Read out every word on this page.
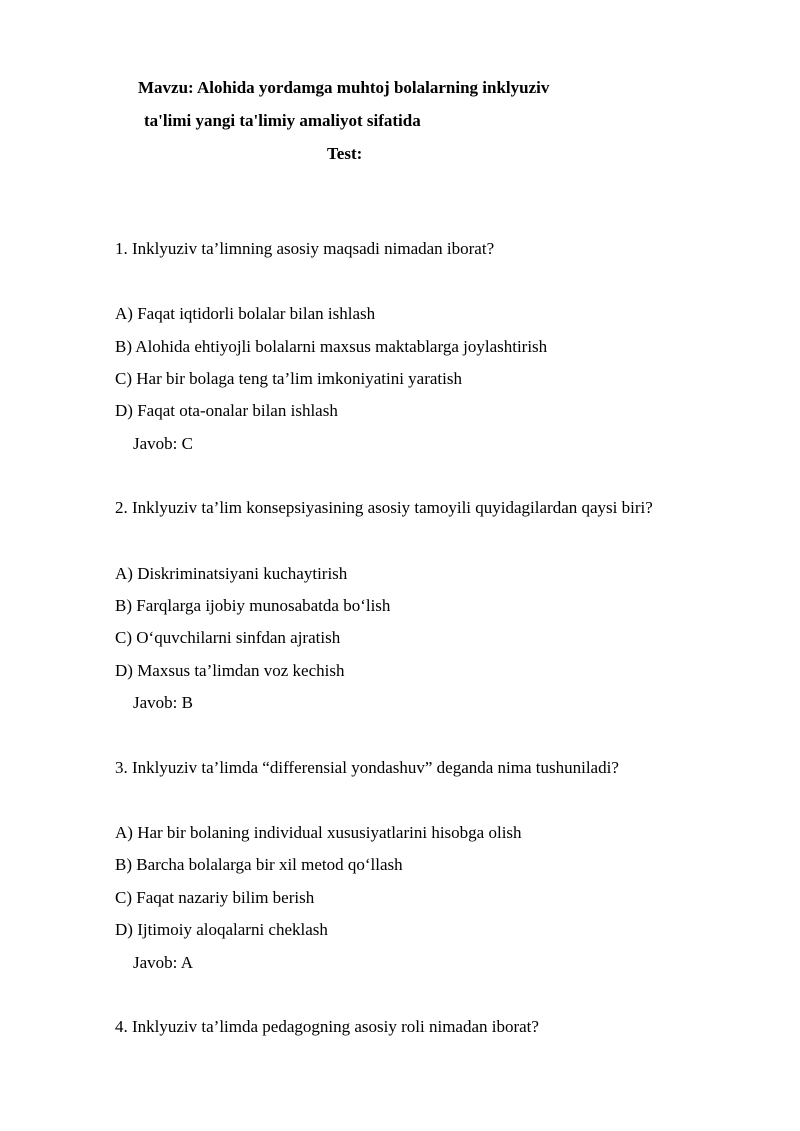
Mavzu: Alohida yordamga muhtoj bolalarning inklyuziv
ta'limi yangi ta'limiy amaliyot sifatida
Test:
1. Inklyuziv ta’limning asosiy maqsadi nimadan iborat?
A) Faqat iqtidorli bolalar bilan ishlash
B) Alohida ehtiyojli bolalarni maxsus maktablarga joylashtirish
C) Har bir bolaga teng ta’lim imkoniyatini yaratish
D) Faqat ota-onalar bilan ishlash
Javob: C
2. Inklyuziv ta’lim konsepsiyasining asosiy tamoyili quyidagilardan qaysi biri?
A) Diskriminatsiyani kuchaytirish
B) Farqlarga ijobiy munosabatda bo‘lish
C) O‘quvchilarni sinfdan ajratish
D) Maxsus ta’limdan voz kechish
Javob: B
3. Inklyuziv ta’limda “differensial yondashuv” deganda nima tushuniladi?
A) Har bir bolaning individual xususiyatlarini hisobga olish
B) Barcha bolalarga bir xil metod qo‘llash
C) Faqat nazariy bilim berish
D) Ijtimoiy aloqalarni cheklash
Javob: A
4. Inklyuziv ta’limda pedagogning asosiy roli nimadan iborat?
